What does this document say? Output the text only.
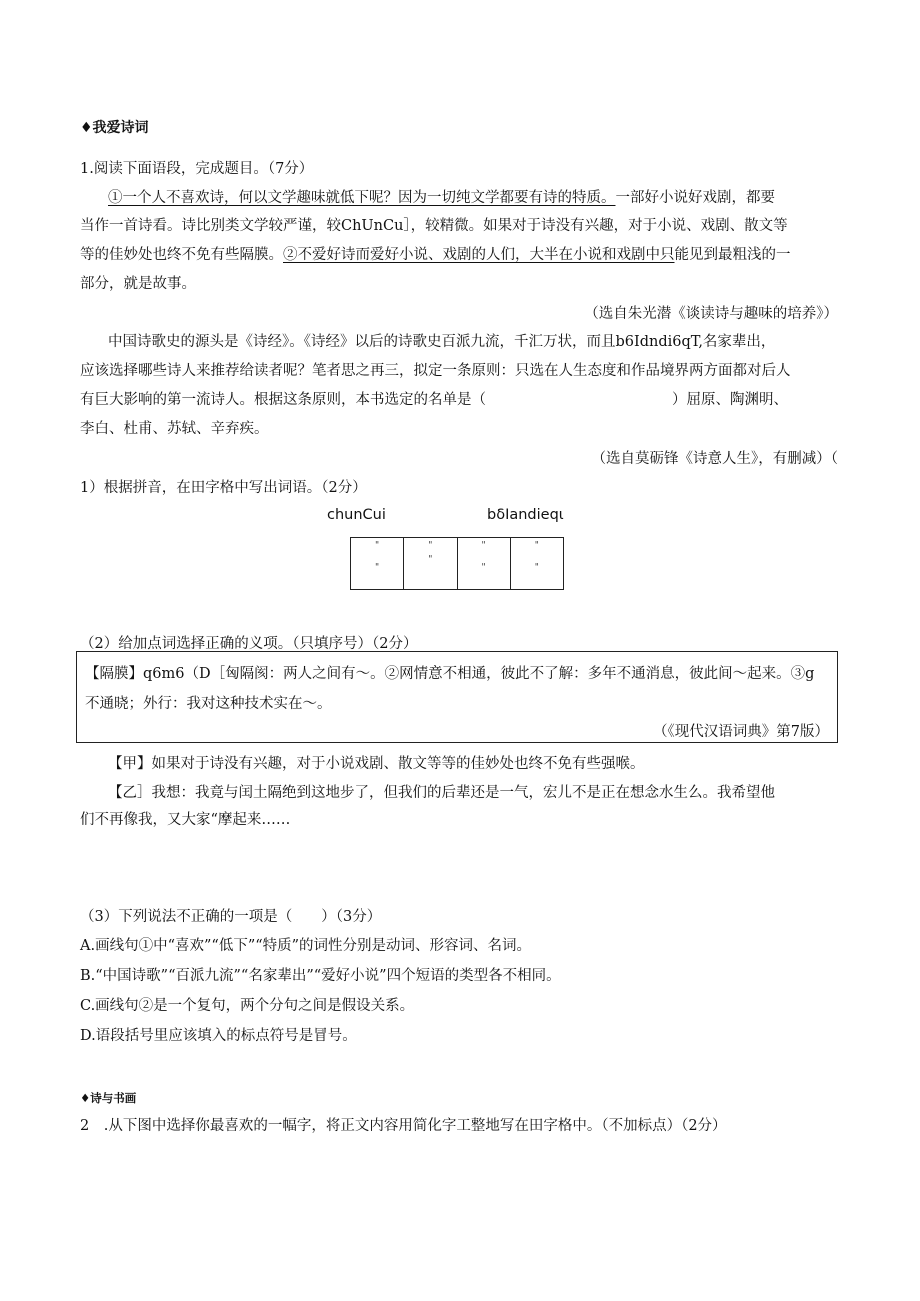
♦我爱诗词
1.阅读下面语段，完成题目。（7分）
①一个人不喜欢诗，何以文学趣味就低下呢？因为一切纯文学都要有诗的特质。一部好小说好戏剧，都要
当作一首诗看。诗比别类文学较严谨，较ChUnCu］，较精微。如果对于诗没有兴趣，对于小说、戏剧、散文等
等的佳妙处也终不免有些隔膜。②不爱好诗而爱好小说、戏剧的人们，大半在小说和戏剧中只能见到最粗浅的一
部分，就是故事。
（选自朱光潜《谈读诗与趣味的培养》）
中国诗歌史的源头是《诗经》。《诗经》以后的诗歌史百派九流，千汇万状，而且b6Idndi6qT,名家辈出，
应该选择哪些诗人来推荐给读者呢？笔者思之再三，拟定一条原则：只选在人生态度和作品境界两方面都对后人
有巨大影响的第一流诗人。根据这条原则，本书选定的名单是（	）屈原、陶渊明、
李白、杜甫、苏轼、辛弃疾。
（选自莫砺锋《诗意人生》，有删减）（
1）根据拼音，在田字格中写出词语。（2分）
chunCui	bδIandieqι
"
"
"
"
"
"
"
"
（2）给加点词选择正确的义项。（只填序号）（2分）
【隔膜】q6m6（D［匈隔阂：两人之间有～。②网情意不相通，彼此不了解：多年不通消息，彼此间～起来。③g
不通晓；外行：我对这种技术实在～。
（《现代汉语词典》第7版）
【甲】如果对于诗没有兴趣，对于小说戏剧、散文等等的佳妙处也终不免有些强喉。
【乙］我想：我竟与闰土隔绝到这地步了，但我们的后辈还是一气，宏儿不是正在想念水生么。我希望他
们不再像我，又大家“摩起来……
（3）下列说法不正确的一项是（　　）（3分）
A.画线句①中“喜欢”“低下”“特质”的词性分别是动词、形容词、名词。
B.“中国诗歌”“百派九流”“名家辈出”“爱好小说”四个短语的类型各不相同。
C.画线句②是一个复句，两个分句之间是假设关系。
D.语段括号里应该填入的标点符号是冒号。
♦诗与书画
2　.从下图中选择你最喜欢的一幅字，将正文内容用简化字工整地写在田字格中。（不加标点）（2分）
